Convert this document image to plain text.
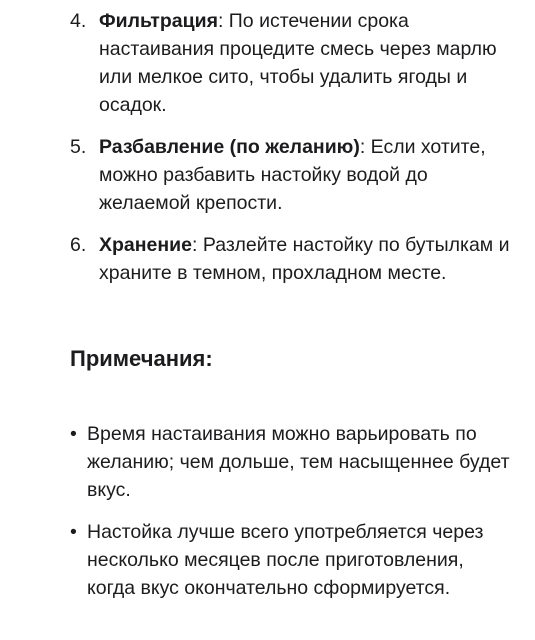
4. Фильтрация: По истечении срока настаивания процедите смесь через марлю или мелкое сито, чтобы удалить ягоды и осадок.
5. Разбавление (по желанию): Если хотите, можно разбавить настойку водой до желаемой крепости.
6. Хранение: Разлейте настойку по бутылкам и храните в темном, прохладном месте.
Примечания:
• Время настаивания можно варьировать по желанию; чем дольше, тем насыщеннее будет вкус.
• Настойка лучше всего употребляется через несколько месяцев после приготовления, когда вкус окончательно сформируется.
